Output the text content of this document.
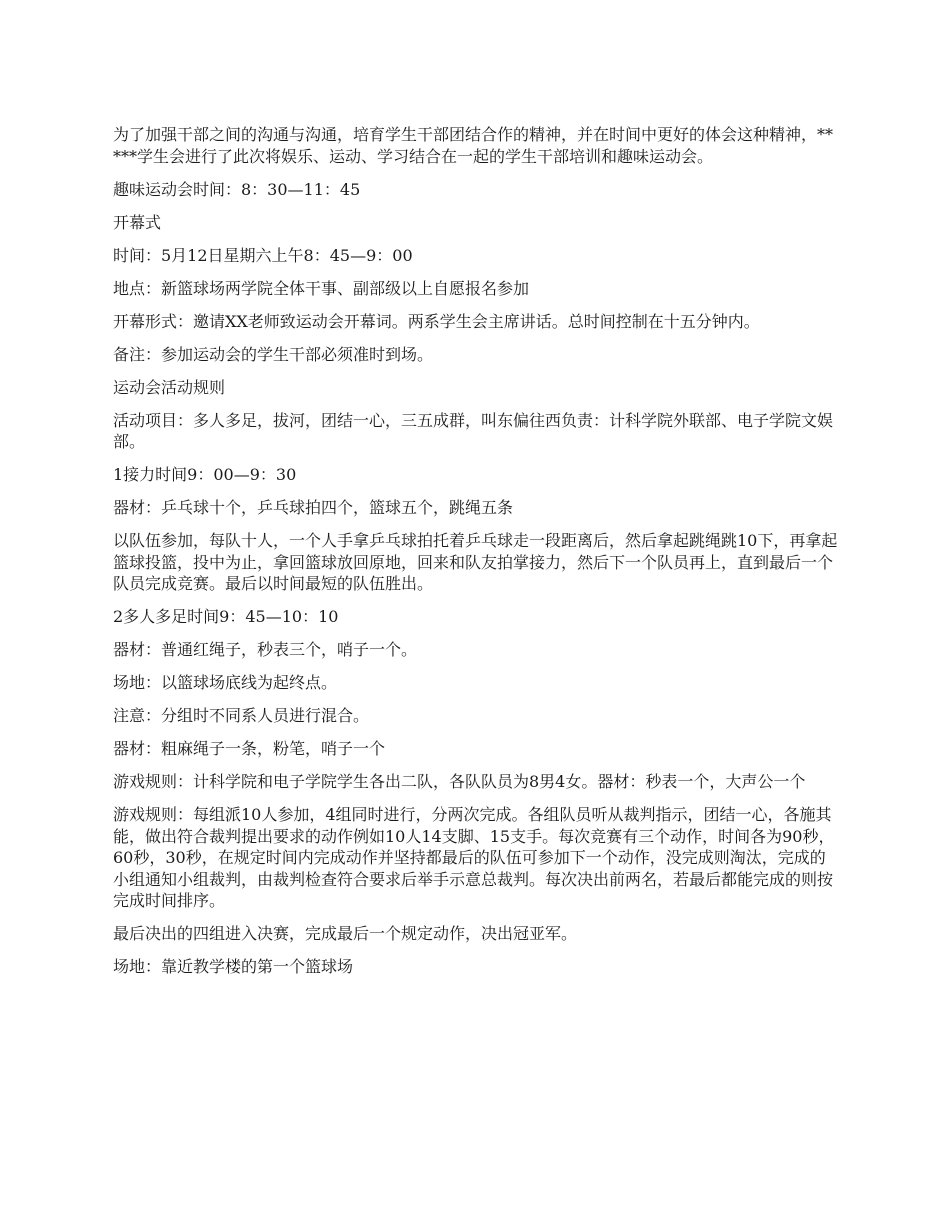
为了加强干部之间的沟通与沟通，培育学生干部团结合作的精神，并在时间中更好的体会这种精神，*****学生会进行了此次将娱乐、运动、学习结合在一起的学生干部培训和趣味运动会。

趣味运动会时间：8：30—11：45

开幕式

时间：5月12日星期六上午8：45—9：00

地点：新篮球场两学院全体干事、副部级以上自愿报名参加

开幕形式：邀请XX老师致运动会开幕词。两系学生会主席讲话。总时间控制在十五分钟内。

备注：参加运动会的学生干部必须准时到场。

运动会活动规则

活动项目：多人多足，拔河，团结一心，三五成群，叫东偏往西负责：计科学院外联部、电子学院文娱部。

1接力时间9：00—9：30

器材：乒乓球十个，乒乓球拍四个，篮球五个，跳绳五条

以队伍参加，每队十人，一个人手拿乒乓球拍托着乒乓球走一段距离后，然后拿起跳绳跳10下，再拿起篮球投篮，投中为止，拿回篮球放回原地，回来和队友拍掌接力，然后下一个队员再上，直到最后一个队员完成竞赛。最后以时间最短的队伍胜出。

2多人多足时间9：45—10：10

器材：普通红绳子，秒表三个，哨子一个。

场地：以篮球场底线为起终点。

注意：分组时不同系人员进行混合。

器材：粗麻绳子一条，粉笔，哨子一个

游戏规则：计科学院和电子学院学生各出二队，各队队员为8男4女。器材：秒表一个，大声公一个

游戏规则：每组派10人参加，4组同时进行，分两次完成。各组队员听从裁判指示，团结一心，各施其能，做出符合裁判提出要求的动作例如10人14支脚、15支手。每次竞赛有三个动作，时间各为90秒，60秒，30秒，在规定时间内完成动作并坚持都最后的队伍可参加下一个动作，没完成则淘汰，完成的小组通知小组裁判，由裁判检查符合要求后举手示意总裁判。每次决出前两名，若最后都能完成的则按完成时间排序。

最后决出的四组进入决赛，完成最后一个规定动作，决出冠亚军。

场地：靠近教学楼的第一个篮球场
